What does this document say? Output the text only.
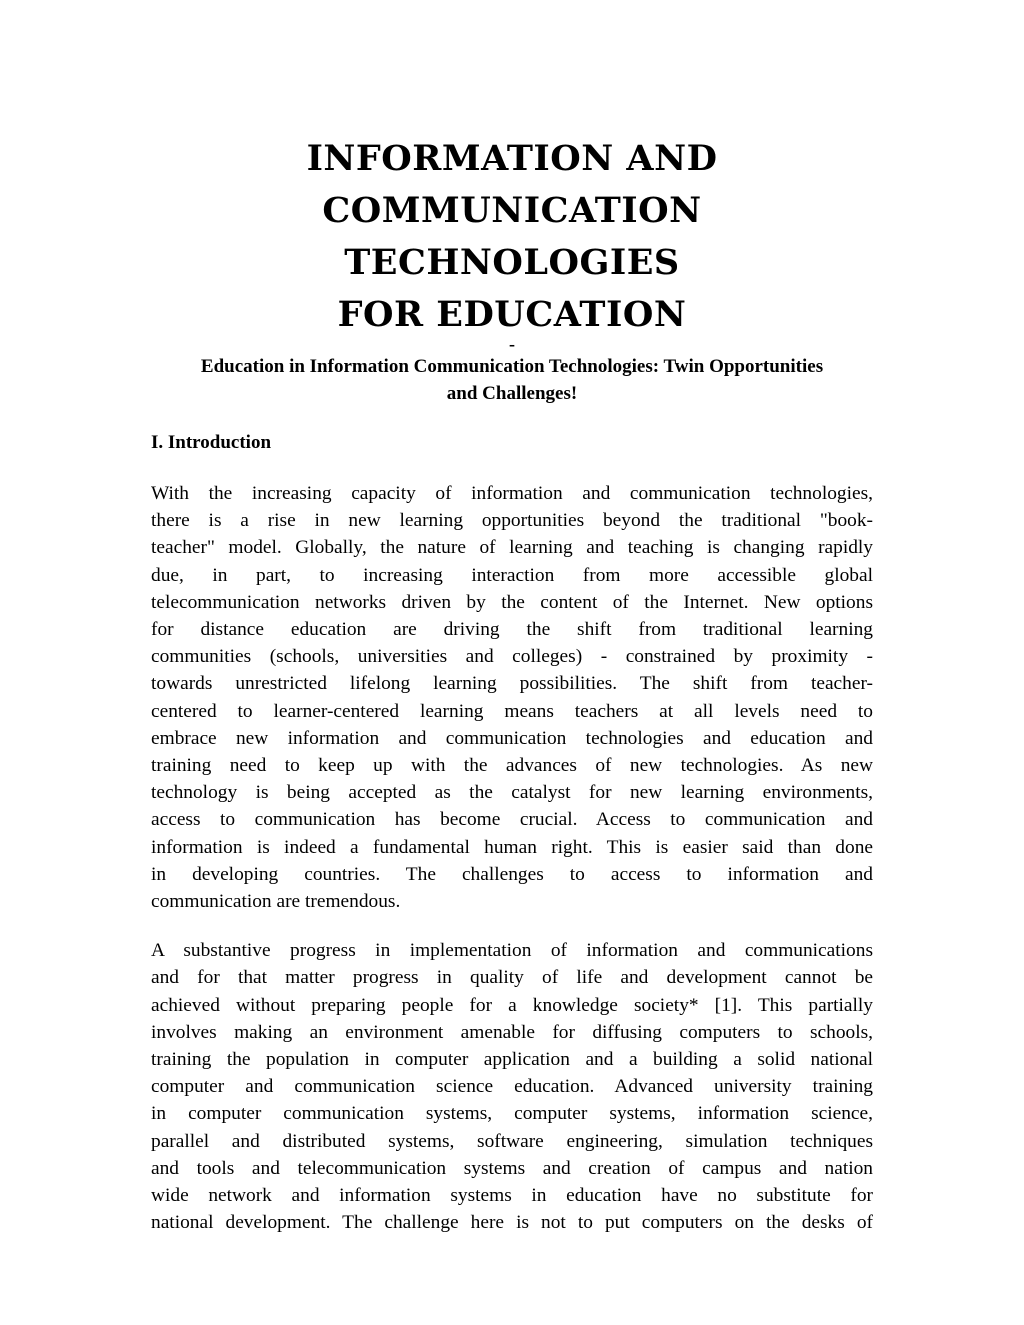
INFORMATION AND
COMMUNICATION TECHNOLOGIES
FOR EDUCATION
-
Education in Information Communication Technologies: Twin Opportunities
and Challenges!
I. Introduction

With the increasing capacity of information and communication technologies,
there is a rise in new learning opportunities beyond the traditional "book-
teacher" model. Globally, the nature of learning and teaching is changing rapidly
due, in part, to increasing interaction from more accessible global
telecommunication networks driven by the content of the Internet. New options
for distance education are driving the shift from traditional learning
communities (schools, universities and colleges) - constrained by proximity -
towards unrestricted lifelong learning possibilities. The shift from teacher-
centered to learner-centered learning means teachers at all levels need to
embrace new information and communication technologies and education and
training need to keep up with the advances of new technologies. As new
technology is being accepted as the catalyst for new learning environments,
access to communication has become crucial. Access to communication and
information is indeed a fundamental human right. This is easier said than done
in developing countries. The challenges to access to information and
communication are tremendous.

A substantive progress in implementation of information and communications
and for that matter progress in quality of life and development cannot be
achieved without preparing people for a knowledge society* [1]. This partially
involves making an environment amenable for diffusing computers to schools,
training the population in computer application and a building a solid national
computer and communication science education. Advanced university training
in computer communication systems, computer systems, information science,
parallel and distributed systems, software engineering, simulation techniques
and tools and telecommunication systems and creation of campus and nation
wide network and information systems in education have no substitute for
national development. The challenge here is not to put computers on the desks of
